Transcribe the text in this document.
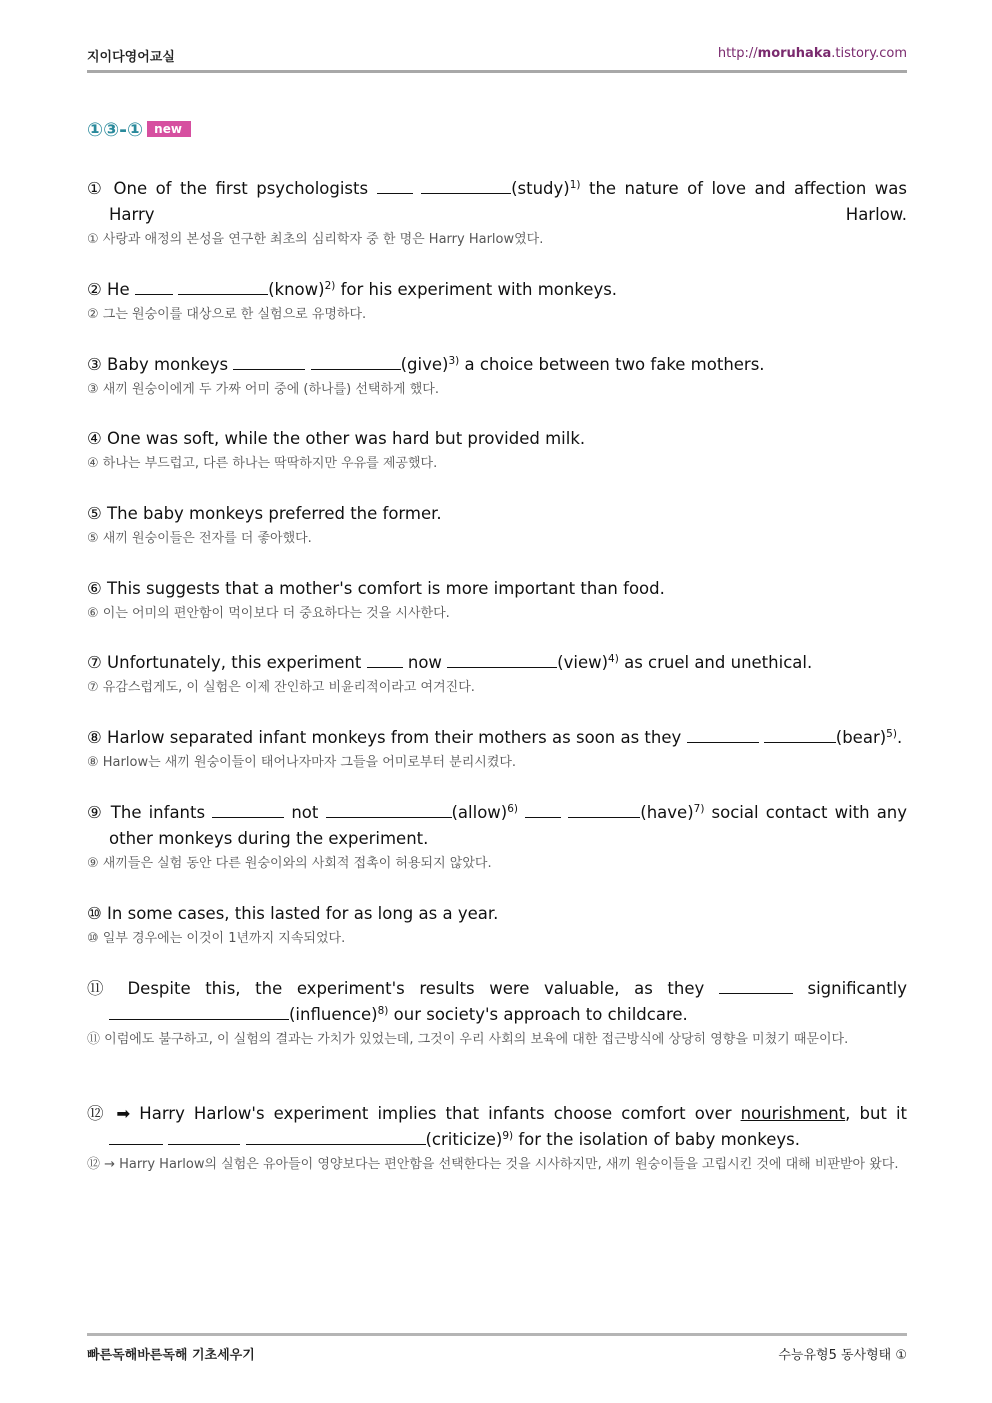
지이다영어교실	http://moruhaka.tistory.com
①③-① new
① One of the first psychologists	(study)$^{1)}$ the nature of love and affection was Harry Harlow.
① 사랑과 애정의 본성을 연구한 최초의 심리학자 중 한 명은 Harry Harlow였다.
② He	(know)$^{2)}$ for his experiment with monkeys.
② 그는 원숭이를 대상으로 한 실험으로 유명하다.
③ Baby monkeys	(give)$^{3)}$ a choice between two fake mothers.
③ 새끼 원숭이에게 두 가짜 어미 중에 (하나를) 선택하게 했다.
④ One was soft, while the other was hard but provided milk.
④ 하나는 부드럽고, 다른 하나는 딱딱하지만 우유를 제공했다.
⑤ The baby monkeys preferred the former.
⑤ 새끼 원숭이들은 전자를 더 좋아했다.
⑥ This suggests that a mother's comfort is more important than food.
⑥ 이는 어미의 편안함이 먹이보다 더 중요하다는 것을 시사한다.
⑦ Unfortunately, this experiment	now	(view)$^{4)}$ as cruel and unethical.
⑦ 유감스럽게도, 이 실험은 이제 잔인하고 비윤리적이라고 여겨진다.
⑧ Harlow separated infant monkeys from their mothers as soon as they	(bear)$^{5)}$.
⑧ Harlow는 새끼 원숭이들이 태어나자마자 그들을 어미로부터 분리시켰다.
⑨ The infants	not	(allow)$^{6)}$	(have)$^{7)}$ social contact with any other monkeys during the experiment.
⑨ 새끼들은 실험 동안 다른 원숭이와의 사회적 접촉이 허용되지 않았다.
⑩ In some cases, this lasted for as long as a year.
⑩ 일부 경우에는 이것이 1년까지 지속되었다.
⑪ Despite this, the experiment's results were valuable, as they	significantly (influence)$^{8)}$ our society's approach to childcare.
⑪ 이럼에도 불구하고, 이 실험의 결과는 가치가 있었는데, 그것이 우리 사회의 보육에 대한 접근방식에 상당히 영향을 미쳤기 때문이다.
⑫ ➡ Harry Harlow's experiment implies that infants choose comfort over nourishment, but it   (criticize)$^{9)}$ for the isolation of baby monkeys.
⑫ → Harry Harlow의 실험은 유아들이 영양보다는 편안함을 선택한다는 것을 시사하지만, 새끼 원숭이들을 고립시킨 것에 대해 비판받아 왔다.
빠른독해바른독해 기초세우기	수능유형5 동사형태 ①
